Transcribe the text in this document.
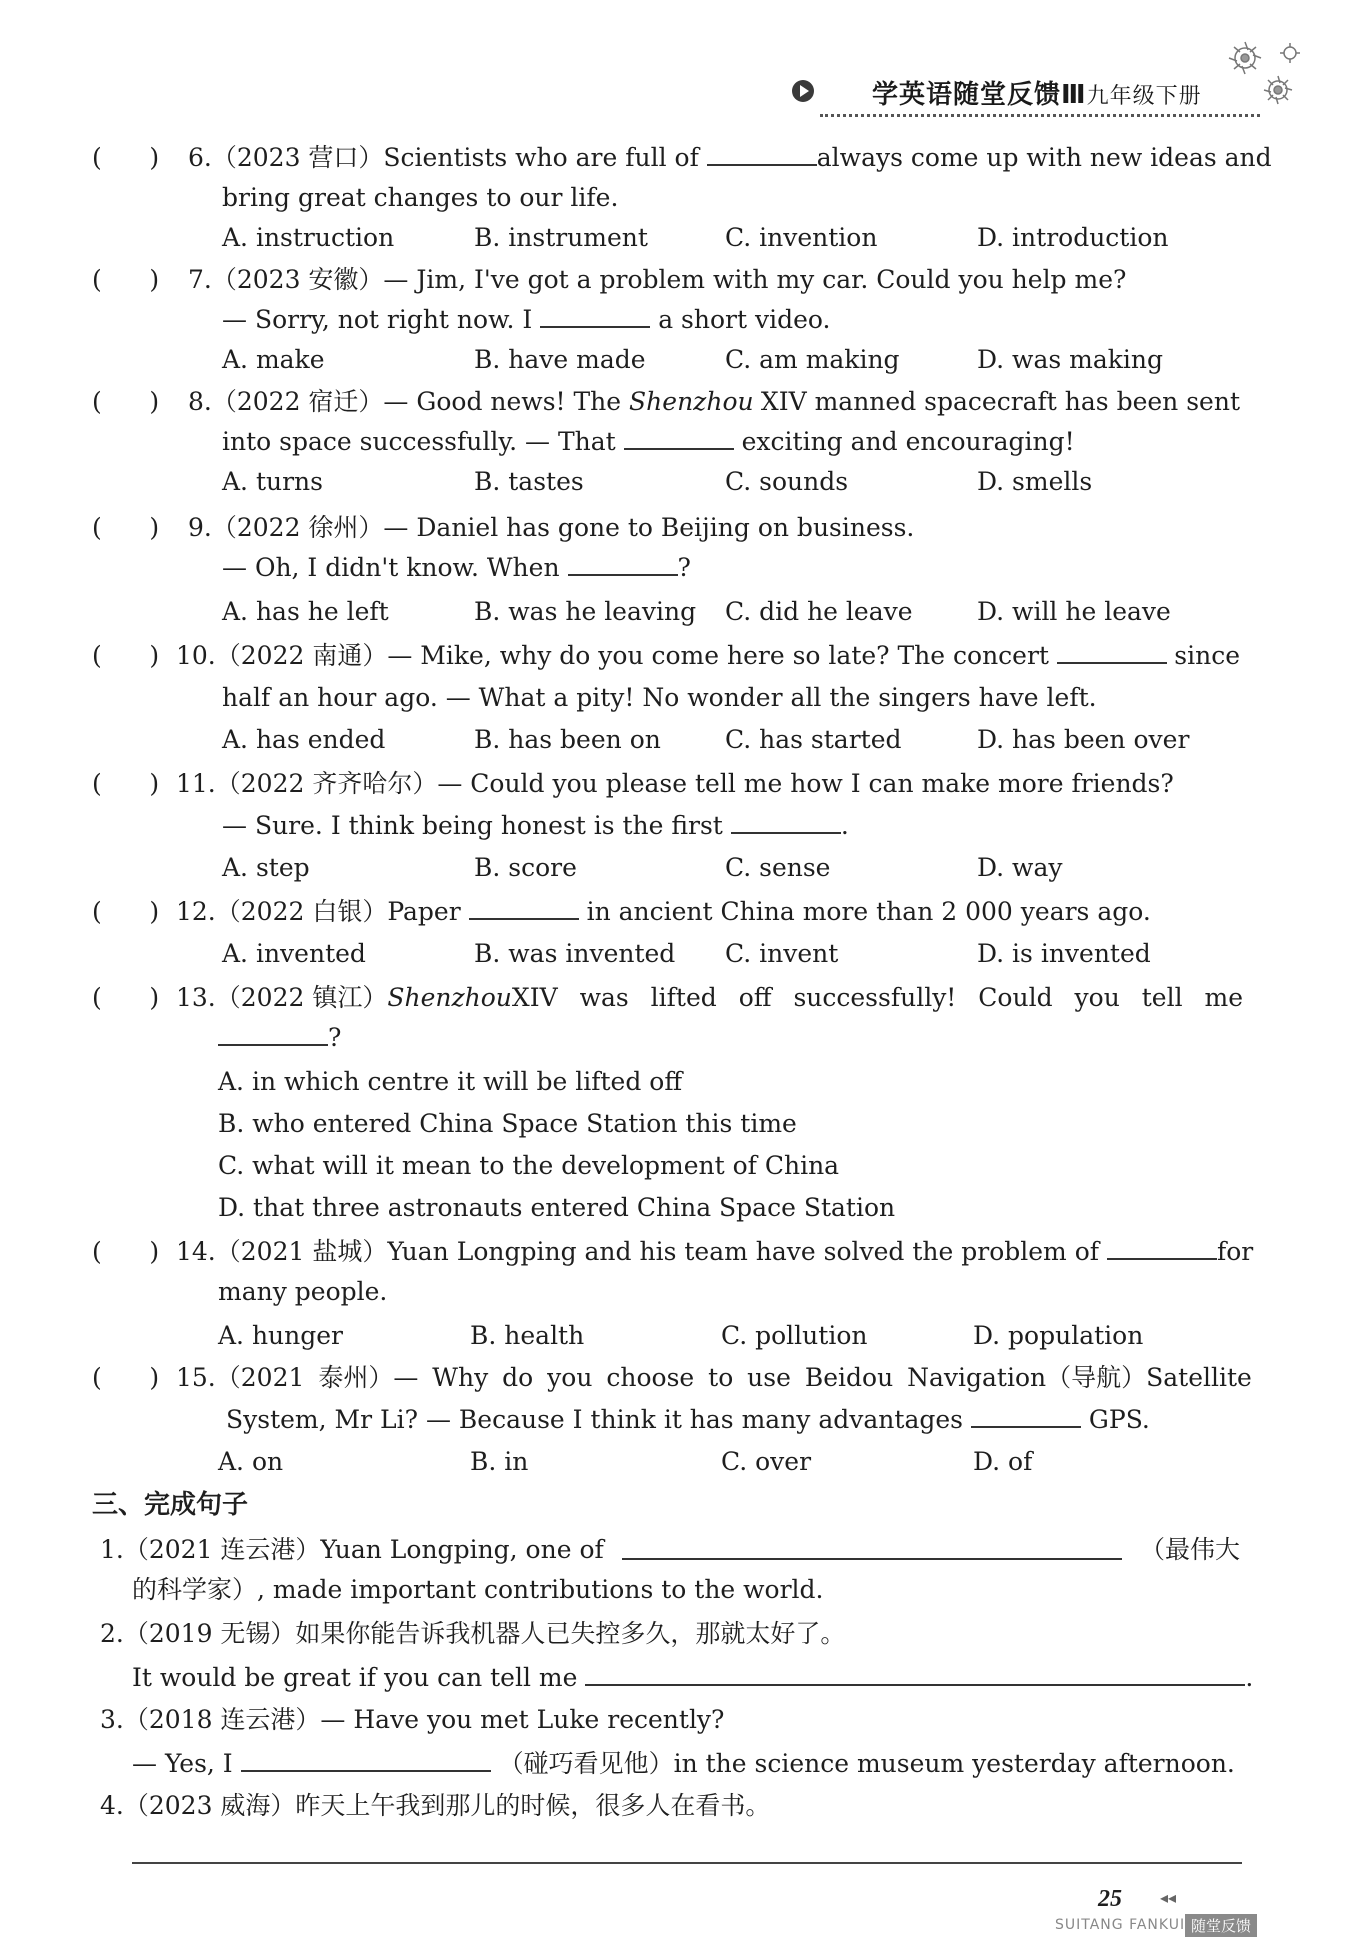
学英语随堂反馈Ⅲ九年级下册
(      ) 6.（2023 营口）Scientists who are full of	always come up with new ideas and
bring great changes to our life.
A. instruction	B. instrument	C. invention	D. introduction
(      ) 7.（2023 安徽）— Jim, I've got a problem with my car. Could you help me?
— Sorry, not right now. I	a short video.
A. make	B. have made	C. am making	D. was making
(      ) 8.（2022 宿迁）— Good news! The Shenzhou XIV manned spacecraft has been sent
into space successfully. — That	exciting and encouraging!
A. turns	B. tastes	C. sounds	D. smells
(      ) 9.（2022 徐州）— Daniel has gone to Beijing on business.
— Oh, I didn't know. When	?
A. has he left	B. was he leaving C. did he leave	D. will he leave
(      ) 10.（2022 南通）— Mike, why do you come here so late? The concert	since
half an hour ago. — What a pity! No wonder all the singers have left.
A. has ended	B. has been on	C. has started	D. has been over
(      ) 11.（2022 齐齐哈尔）— Could you please tell me how I can make more friends?
— Sure. I think being honest is the first	.
A. step	B. score	C. sense	D. way
(      ) 12.（2022 白银）Paper	in ancient China more than 2 000 years ago.
A. invented	B. was invented C. invent	D. is invented
(      ) 13.（2022 镇江）Shenzhou XIV was lifted off successfully! Could you tell me
?
A. in which centre it will be lifted off
B. who entered China Space Station this time
C. what will it mean to the development of China
D. that three astronauts entered China Space Station
(      ) 14.（2021 盐城）Yuan Longping and his team have solved the problem of	for
many people.
A. hunger	B. health	C. pollution	D. population
(      ) 15.（2021 泰州）— Why do you choose to use Beidou Navigation（导航）Satellite
System, Mr Li? — Because I think it has many advantages	GPS.
A. on	B. in	C. over	D. of
三、完成句子
1.（2021 连云港）Yuan Longping, one of	（最伟大
的科学家）, made important contributions to the world.
2.（2019 无锡）如果你能告诉我机器人已失控多久，那就太好了。
It would be great if you can tell me	.
3.（2018 连云港）— Have you met Luke recently?
— Yes, I	（碰巧看见他）in the science museum yesterday afternoon.
4.（2023 威海）昨天上午我到那儿的时候，很多人在看书。
25 ◂◂
SUITANG FANKUI 随堂反馈
